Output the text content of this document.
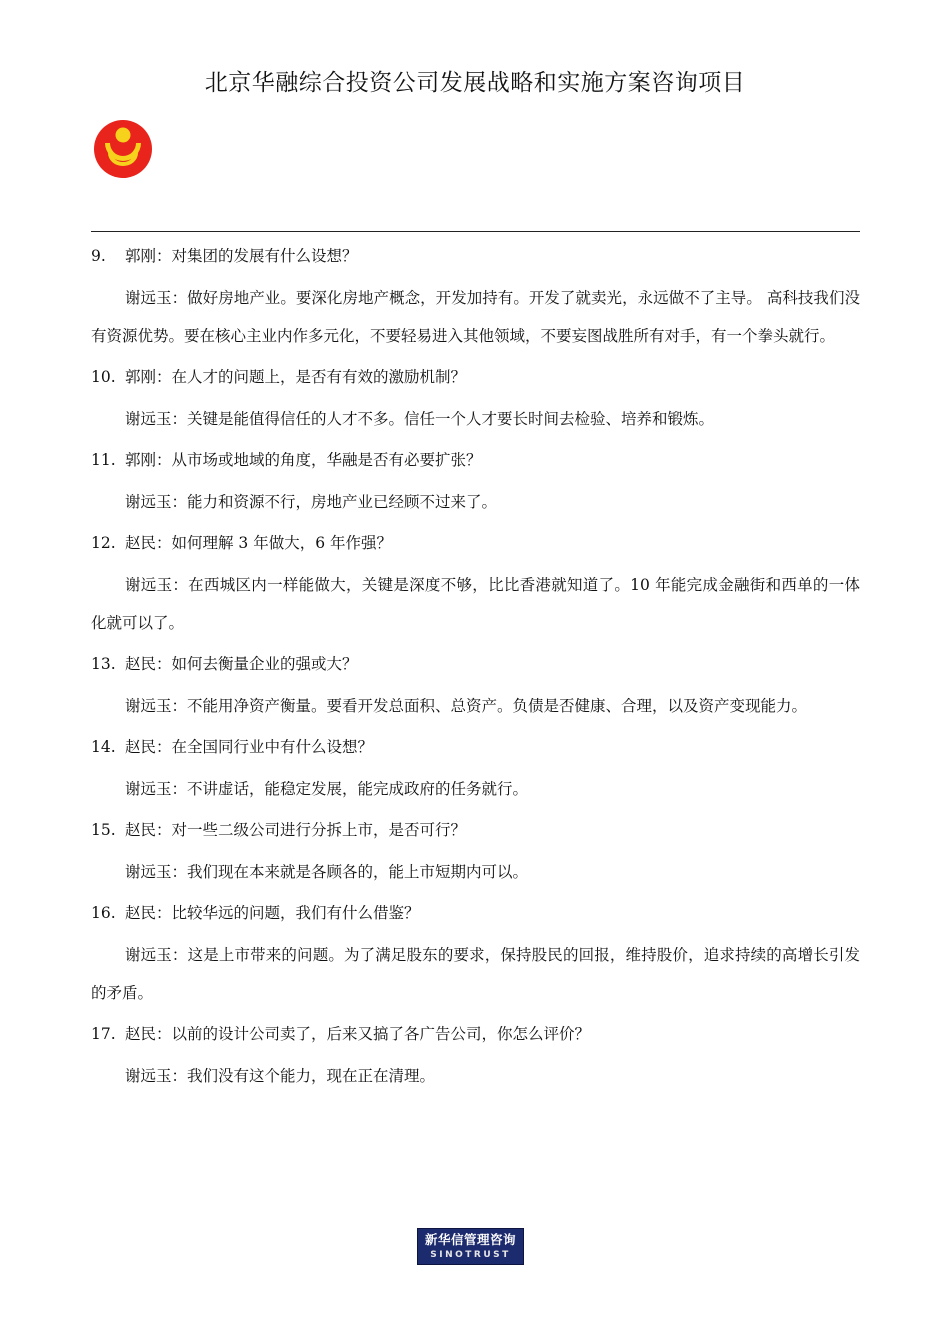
北京华融综合投资公司发展战略和实施方案咨询项目

9. 郭刚：对集团的发展有什么设想？

谢远玉：做好房地产业。要深化房地产概念，开发加持有。开发了就卖光，永远做不了主导。 高科技我们没有资源优势。要在核心主业内作多元化，不要轻易进入其他领域，不要妄图战胜所有对手，有一个拳头就行。

10. 郭刚：在人才的问题上，是否有有效的激励机制？

谢远玉：关键是能值得信任的人才不多。信任一个人才要长时间去检验、培养和锻炼。

11. 郭刚：从市场或地域的角度，华融是否有必要扩张？

谢远玉：能力和资源不行，房地产业已经顾不过来了。

12. 赵民：如何理解 3 年做大，6 年作强？

谢远玉：在西城区内一样能做大，关键是深度不够，比比香港就知道了。10 年能完成金融街和西单的一体化就可以了。

13. 赵民：如何去衡量企业的强或大？

谢远玉：不能用净资产衡量。要看开发总面积、总资产。负债是否健康、合理，以及资产变现能力。

14. 赵民：在全国同行业中有什么设想？

谢远玉：不讲虚话，能稳定发展，能完成政府的任务就行。

15. 赵民：对一些二级公司进行分拆上市，是否可行？

谢远玉：我们现在本来就是各顾各的，能上市短期内可以。

16. 赵民：比较华远的问题，我们有什么借鉴？

谢远玉：这是上市带来的问题。为了满足股东的要求，保持股民的回报，维持股价，追求持续的高增长引发的矛盾。

17. 赵民：以前的设计公司卖了，后来又搞了各广告公司，你怎么评价？

谢远玉：我们没有这个能力，现在正在清理。

新华信管理咨询
SINOTRUST
